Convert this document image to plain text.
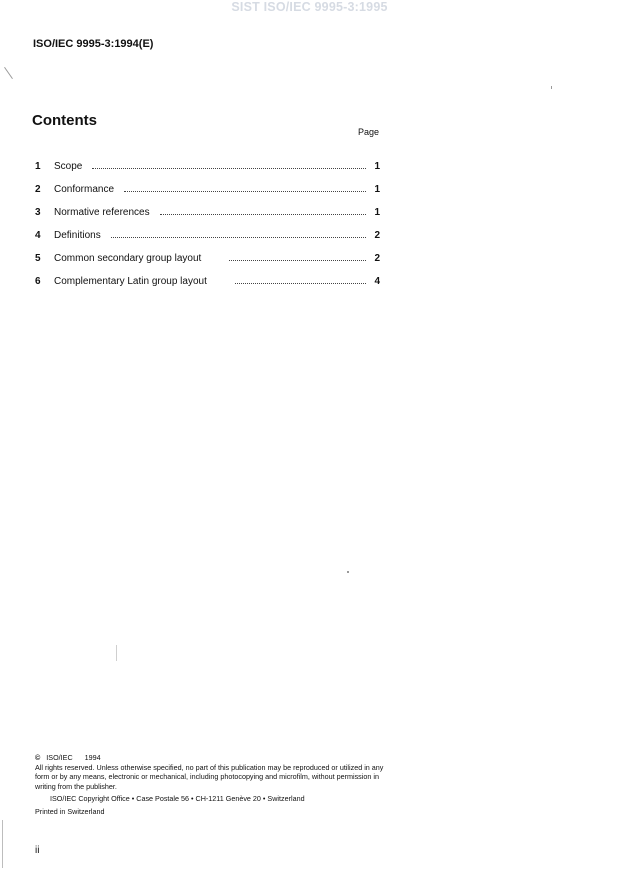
SIST ISO/IEC 9995-3:1995
ISO/IEC 9995-3:1994(E)
Contents
Page
1	Scope	1
2	Conformance	1
3	Normative references	1
4	Definitions	2
5	Common secondary group layout	2
6	Complementary Latin group layout	4
© ISO/IEC 1994
All rights reserved. Unless otherwise specified, no part of this publication may be reproduced or utilized in any form or by any means, electronic or mechanical, including photocopying and microfilm, without permission in writing from the publisher.
ISO/IEC Copyright Office • Case Postale 56 • CH-1211 Genève 20 • Switzerland
Printed in Switzerland
ii
